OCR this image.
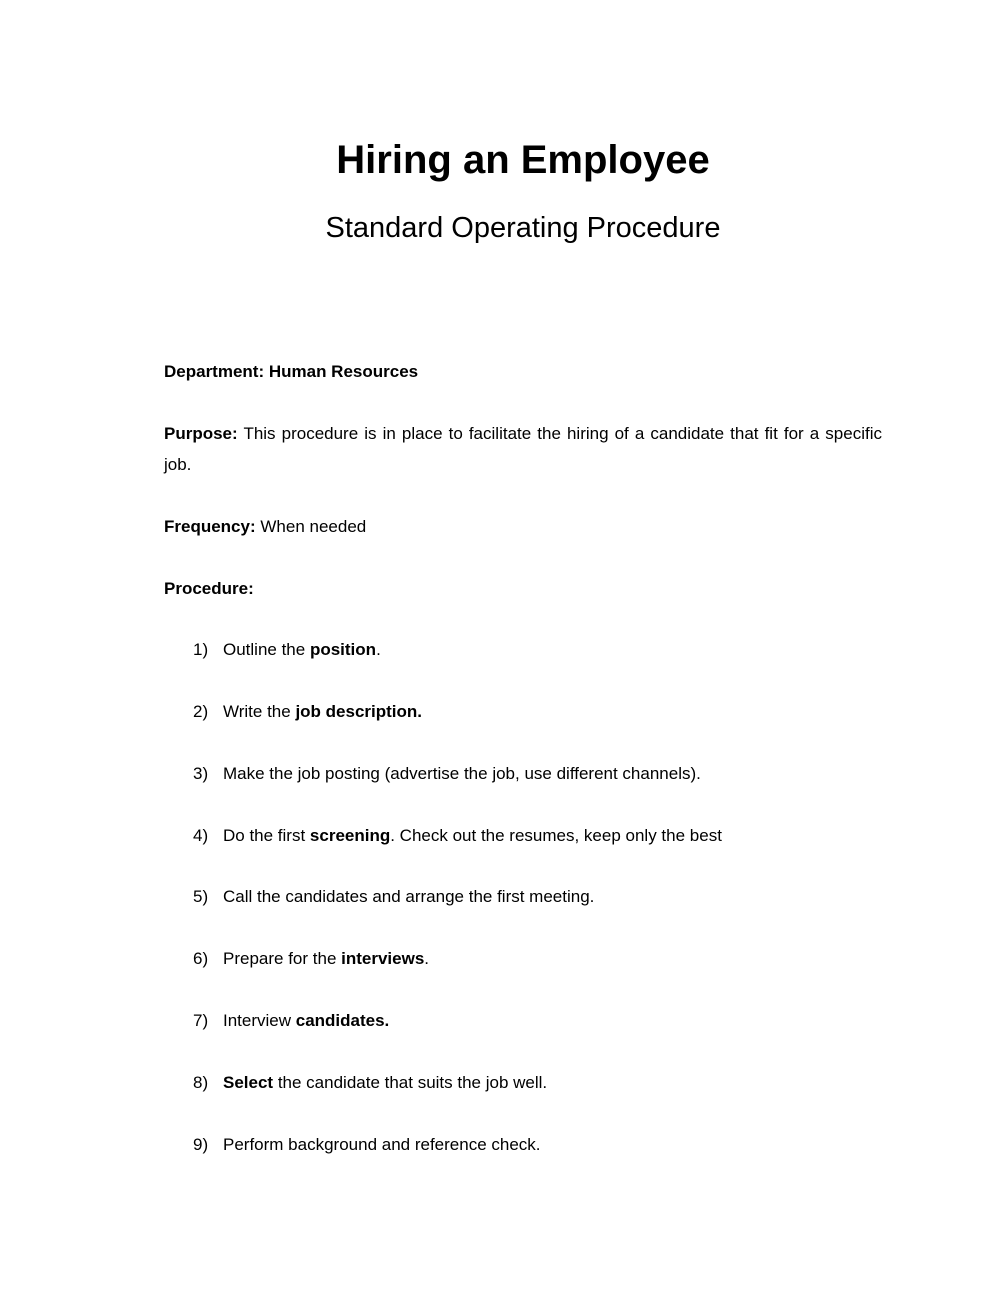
Hiring an Employee
Standard Operating Procedure

Department: Human Resources

Purpose: This procedure is in place to facilitate the hiring of a candidate that fit for a specific job.

Frequency: When needed

Procedure:

1) Outline the position.
2) Write the job description.
3) Make the job posting (advertise the job, use different channels).
4) Do the first screening. Check out the resumes, keep only the best
5) Call the candidates and arrange the first meeting.
6) Prepare for the interviews.
7) Interview candidates.
8) Select the candidate that suits the job well.
9) Perform background and reference check.
